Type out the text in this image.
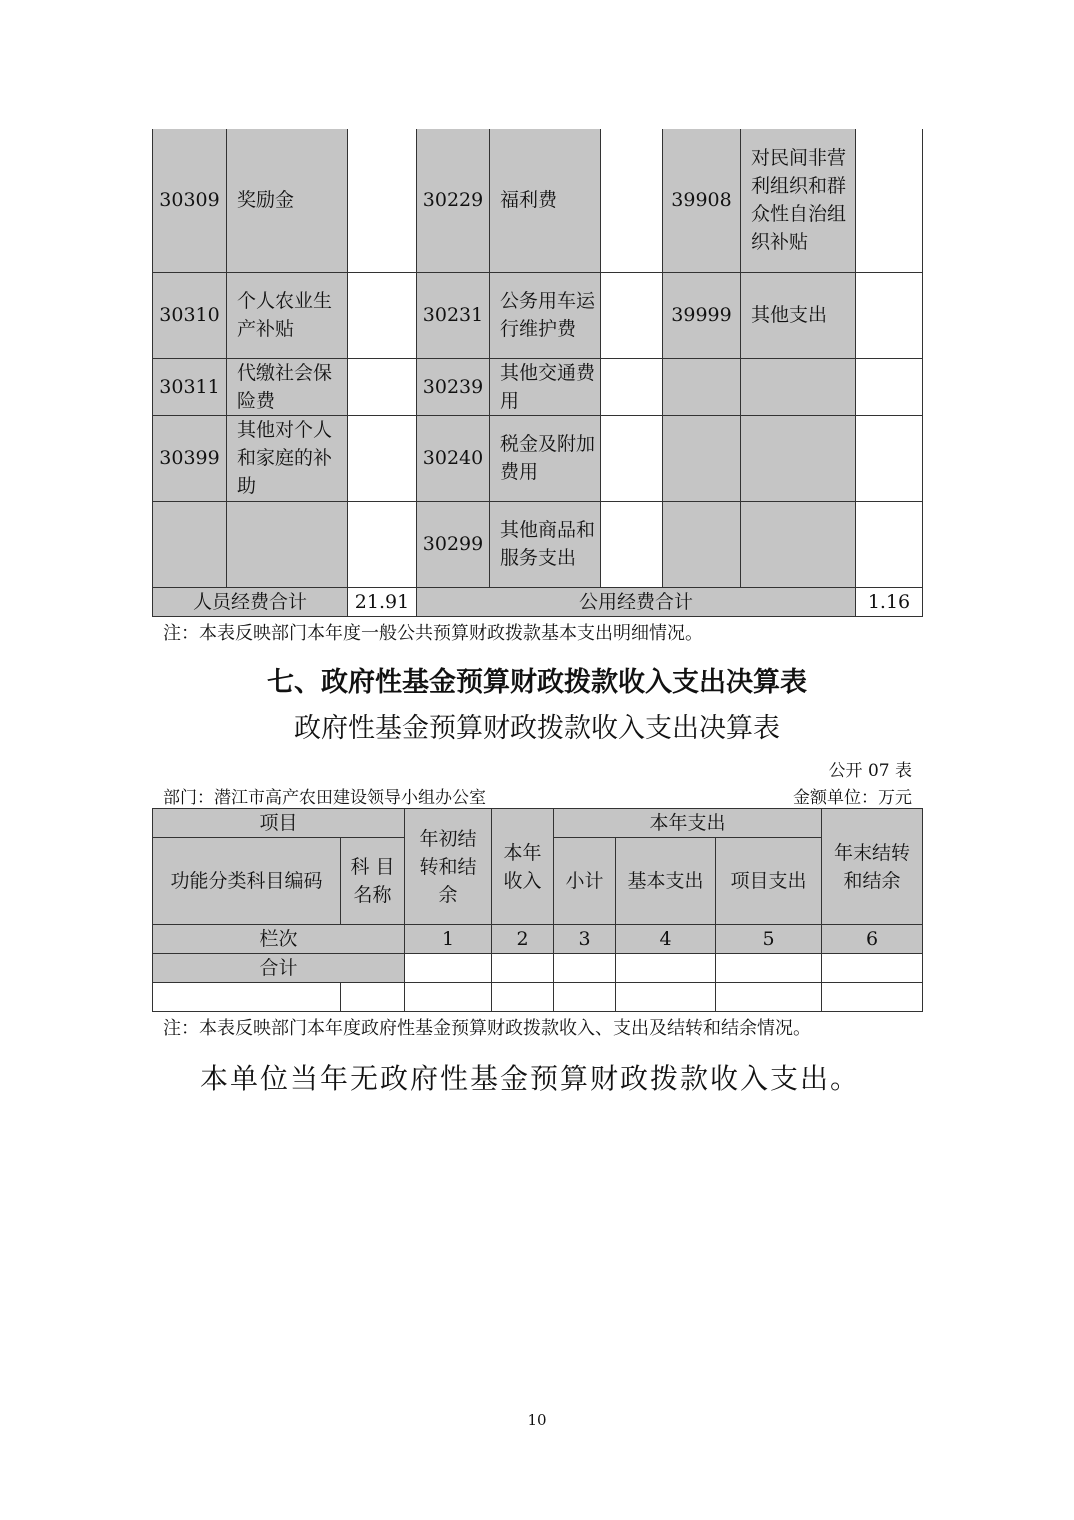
30309	奖励金		30229	福利费		39908	对民间非营利组织和群众性自治组织补贴	
30310	个人农业生产补贴		30231	公务用车运行维护费		39999	其他支出	
30311	代缴社会保险费		30239	其他交通费用				
30399	其他对个人和家庭的补助		30240	税金及附加费用				
			30299	其他商品和服务支出				
人员经费合计		21.91	公用经费合计					1.16
注：本表反映部门本年度一般公共预算财政拨款基本支出明细情况。
七、政府性基金预算财政拨款收入支出决算表
政府性基金预算财政拨款收入支出决算表
公开 07 表
部门：潜江市高产农田建设领导小组办公室	金额单位：万元
项目		年初结转和结余	本年收入	本年支出			年末结转和结余
功能分类科目编码	科 目 名称			小计	基本支出	项目支出	
栏次		1	2	3	4	5	6
合计							

注：本表反映部门本年度政府性基金预算财政拨款收入、支出及结转和结余情况。
本单位当年无政府性基金预算财政拨款收入支出。
10
